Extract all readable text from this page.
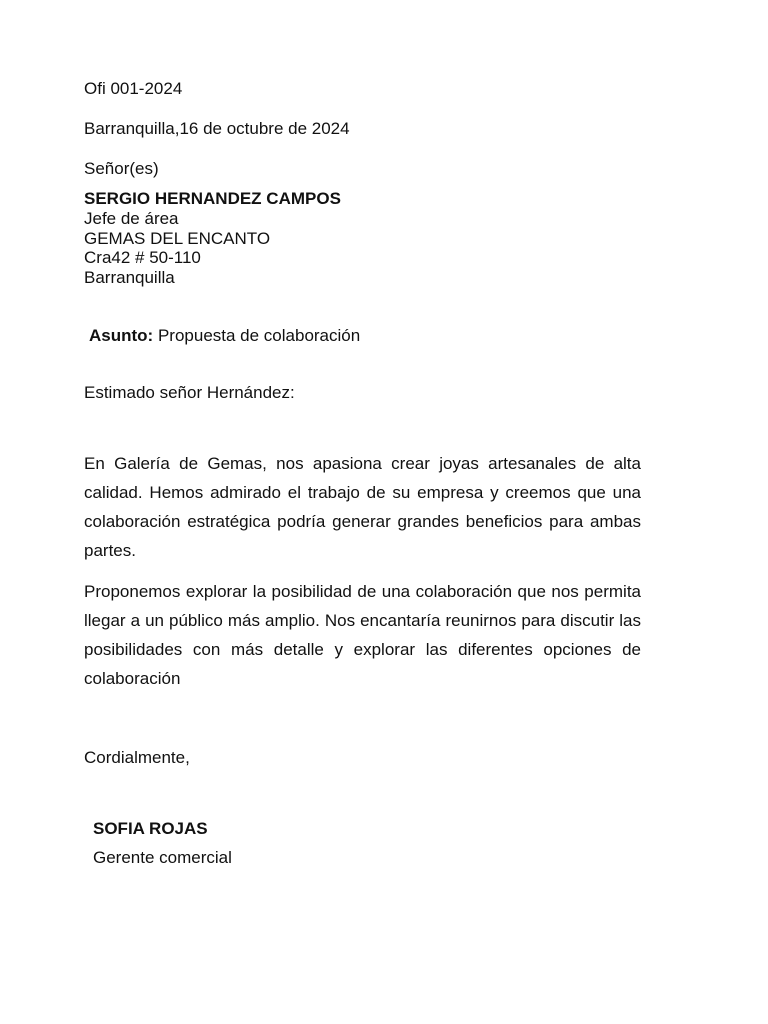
Ofi 001-2024
Barranquilla,16 de octubre de 2024
Señor(es)
SERGIO HERNANDEZ CAMPOS
Jefe de área
GEMAS DEL ENCANTO
Cra42 # 50-110
Barranquilla
Asunto: Propuesta de colaboración
Estimado señor Hernández:

En Galería de Gemas, nos apasiona crear joyas artesanales de alta calidad. Hemos admirado el trabajo de su empresa y creemos que una colaboración estratégica podría generar grandes beneficios para ambas partes.

Proponemos explorar la posibilidad de una colaboración que nos permita llegar a un público más amplio. Nos encantaría reunirnos para discutir las posibilidades con más detalle y explorar las diferentes opciones de colaboración

Cordialmente,
SOFIA ROJAS
Gerente comercial
